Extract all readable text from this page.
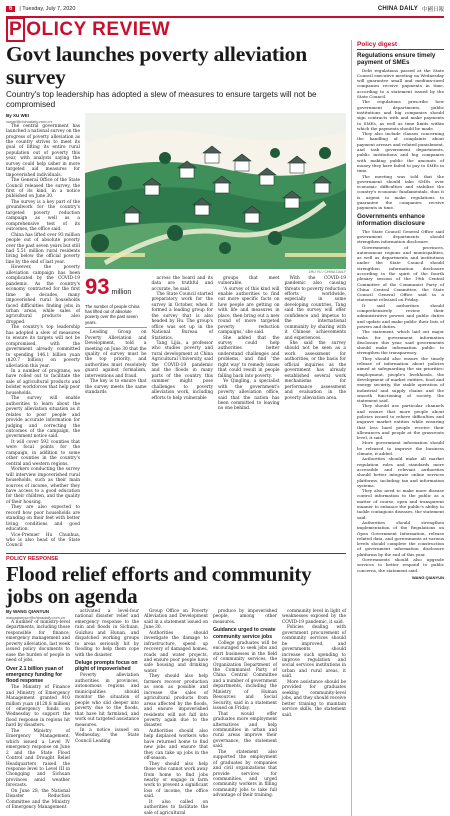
6	| Tuesday, July 7, 2020	CHINA DAILY 中國日報
P OLICY REVIEW
Govt launches poverty alleviation survey
Country's top leadership has adopted a slew of measures to ensure targets will not be compromised
By XU WEI
xuwei@chinadaily.com.cn

The central government has launched a national survey on the progress of poverty alleviation as the country strives to meet its goal of lifting its entire rural population out of poverty this year, with analysts saying the survey could help usher in more targeted aid measures for impoverished individuals.

The General Office of the State Council released the survey, the first of its kind, in a notice published on June 30.

The survey is a key part of the groundwork for the country's targeted poverty reduction campaign as well as a comprehensive test of its outcomes, the office said.

China has lifted over 93 million people out of absolute poverty over the past seven years but still had 5.51 million rural residents living below the official poverty line by the end of last year.

However, the poverty alleviation campaign has been complicated by the COVID-19 pandemic. As the country's economy contracted for the first time in decades, many impoverished rural households faced difficulties finding jobs in urban areas, while sales of agricultural products also dropped.

The country's top leadership has adopted a slew of measures to ensure its targets will not be compromised, with the government already committed to spending 146.1 billion yuan ($20.7 billion) on poverty alleviation this year.

In a number of programs, we have rolled out to facilitate the sale of agricultural products and bolster workforces that help poor households.

The survey will enable authorities to learn about the poverty alleviation situation as it relates to poor people and provide accurate information for judging and correcting the outcomes of the campaign, the government notice said.

It will cover 592 counties that were focal points for the campaign, in addition to some other counties in the country's central and western regions.

Workers conducting the survey will interview impoverished rural households, such as their main sources of income, whether they have access to a good education for their children, and the quality of their housing.

They are also expected to record how poor households are standing on their feet with better living conditions and good education.

Vice-Premier Hu Chunhua, who is also head of the State Council

ZHU YU / CHINA DAILY
93 million
The number of people China has lifted out of absolute poverty over the past seven years.

Leading Group on Poverty Alleviation and Development, told a meeting on June 30 that the quality of survey must be the top priority, and authorities must resolutely guard against formalism, interventions and fraud.

The key is to ensure that the survey meets the same standards

across the board and its data are truthful and accurate, he said.

The State Council started preparatory work for the survey in October, when it formed a leading group for the survey that is also headed by Hu. The group's office was set up in the National Bureau of Statistics.

Tang Lijia, a professor who studies poverty and rural development at China Agricultural University, said the COVID-19 pandemic and the floods in many parts of the country this summer might pose challenges to poverty alleviation work, including efforts to help vulnerable

groups that meet vulnerable.

'A survey of this kind will enable authorities to find out more specific facts on how people are getting on with life and measures in place, then bring out a new round of more targeted poverty reduction campaigns,' she said.

She added that the survey could help authorities better understand challenges and problems, and find 'the right way' to remedy issues that could result in people falling back into poverty.

Ye Qingling, a specialist with the government's poverty alleviation office, said that the nation has been committed to leaving no one behind.

With the COVID-19 pandemic also causing threats to poverty reduction efforts worldwide, especially in some developing countries, Tang said the survey will offer confidence and impetus to the international community by sharing with it Chinese achievements and experiences.

She said the survey should not be seen as a work assessment for authorities, or the basis for official inquiries as the government has already established several work mechanisms for performance assessment and evaluation in the poverty alleviation area.

POLICY RESPONSE
Flood relief efforts and community jobs on agenda
By WANG QIANYUN
wangqianyun@chinadaily.com.cn

A number of ministry-level departments, including those responsible for finance, emergency management and poverty alleviation, last week issued policy documents to ease the burden of people in need of jobs.

Over 2.1 billion yuan of emergency funding for flood response

The Ministry of Finance and Ministry of Emergency Management granted 910 million yuan ($128.8 million) of emergency funds on Wednesday to support the flood response in regions hit hard by disasters.

The Ministry of Emergency Management, which issued a Level IV emergency response on June 2 and the State Flood Control and Drought Relief Headquarters raised the response level to Level III in Chongqing and Sichuan provinces amid weather forecasts.

On June 28, the National Disaster Reduction Committee and the Ministry of Emergency Management

activated a level-four national disaster relief and emergency response to the rain and floods in Sichuan, Guizhou and Hunan, and dispatched working groups to areas seriously hit by flooding to help them cope with the disaster.

Deluge prompts focus on plight of impoverished

Poverty alleviation authorities in provinces, autonomous regions and municipalities should monitor the situation of people who slid deeper into poverty due to the floods, that have hit farmland, and work out targeted assistance measures.

In a notice issued on Wednesday, the State Council Leading

Group Office on Poverty Alleviation and Development said in a statement issued on June 30.

Authorities should investigate the damage to infrastructure, speed up recovery of damaged homes, roads and water projects, and ensure poor people have safe housing and drinking water.

They should also help farmers recover production as soon as possible and increase the sales of agricultural products from areas affected by the floods, and ensure impoverished residents will not fall into poverty again due to the disaster.

Authorities should also help displaced workers who have returned home to find new jobs and ensure that they can take up jobs in the off-season.

They should also help those who cannot work away from home to find jobs nearby or engage in farm work to prevent a significant loss of income, the office said.

It also called on authorities to facilitate the sale of agricultural

produce by impoverished people, among other measures.

Guidance urged to create community service jobs

College graduates will be encouraged to seek jobs and start businesses in the field of community services, the Organization Department of the Communist Party of China Central Committee and a number of government departments, including the Ministry of Human Resources and Social Security, said in a statement issued on Friday.

That would offer graduates more employment alternatives and help communities in urban and rural areas improve their governance, the statement said.

The statement also supported the employment of graduates by companies and civil organizations that provide services for communities, and urged community workers in filling community jobs to take full advantage of their training.

community level in light of weaknesses exposed by the COVID-19 pandemic, it said.

Policies dealing with government procurement of community services should be improved, and governments should increase such spending to improve regulation and social services institutions in urban and rural areas, it said.

More assistance should be provided for graduates seeking community-level jobs, and they should receive better training to maintain service skills, the statement said.

Policy digest
Regulations ensure timely payment of SMEs

Debt regulations passed at the State Council executive meeting on Wednesday will guarantee small and medium-sized companies receive payments in time, according to a statement issued by the State Council.

The regulations prescribe how government departments, public institutions and big companies should sign contracts with and make payments to SMEs, as well as time limits within which the payments should be made.

They also include clauses concerning the handling of complaints about payment arrears and related punishment, and task government departments, public institutions and big companies with making public the amounts of money they have failed to pay to SMEs in time.

The meeting was told that the government should take SMEs over economic difficulties and stabilize the country's economic fundamentals, thus it is urgent to make regulations to guarantee the companies receive payments in time.

Governments enhance information disclosure

The State Council General Office said government departments should strengthen information disclosure.

Governments of provinces, autonomous regions and municipalities, as well as departments and institutions under the State Council should strengthen information disclosure according to the spirit of the fourth plenary session of the 19th Central Committee of the Communist Party of China Central Committee, the State Council General Office said in a statement released on Friday.

It said authorities should comprehensively review their administrative powers and public duties and update and make public their lists of powers and duties.

The statement, which laid out major tasks for government information disclosure this year, said governments should make information public to strengthen the transparency.

They should also ensure the timely release of information about policies aimed at safeguarding the six priorities: employment, people's livelihoods, the development of market entities, food and energy security, the stable operation of industrial and supply chains and the smooth functioning of society, the statement said.

They should use particular channels and ensure that more people about policies issued to relieve difficulties and improve market entities while ensuring that less hard people receive their allowances and people at the grassroots level, it said.

More government information should be released to improve the business climate, it added.

Authorities should make all market regulation rules and standards more accessible and relevant authorities should better integrate online services platforms, including tax and information systems.

They also need to make more disease control information to the public as a matter of course, open and transparent manner to enhance the public's ability to tackle contagious diseases, the statement said.

Authorities should strengthen implementation of the Regulations on Open Government Information, release related data, and governments at various levels should complete the construction of government information disclosure platforms by the end of this year.

Governments should also upgrade services to better respond to public concerns, the statement said.

WANG QIANYUN
